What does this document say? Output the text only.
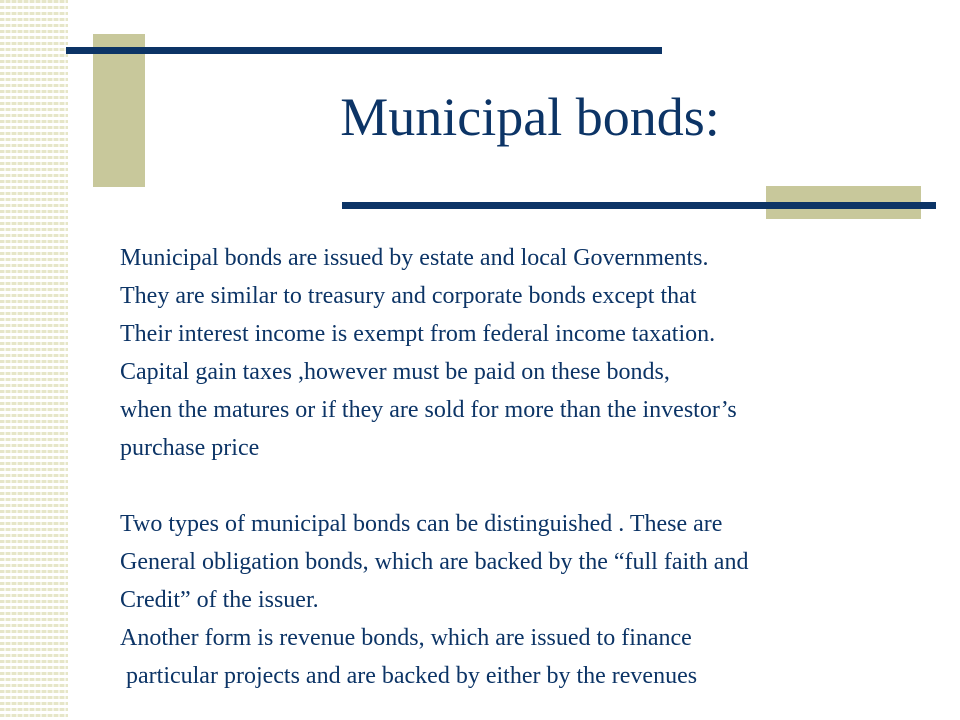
Municipal bonds:
Municipal bonds are issued by estate and local Governments.
They are similar to treasury and corporate bonds except that
Their interest income is exempt from federal income taxation.
Capital gain taxes ,however must be paid on these bonds,
when the matures or if they are sold for more than the investor’s
purchase price
Two types of municipal bonds can be distinguished . These are
General obligation bonds, which are backed by the “full faith and
Credit” of the issuer.
Another form is revenue bonds, which are issued to finance
particular projects and are backed by either by the revenues
